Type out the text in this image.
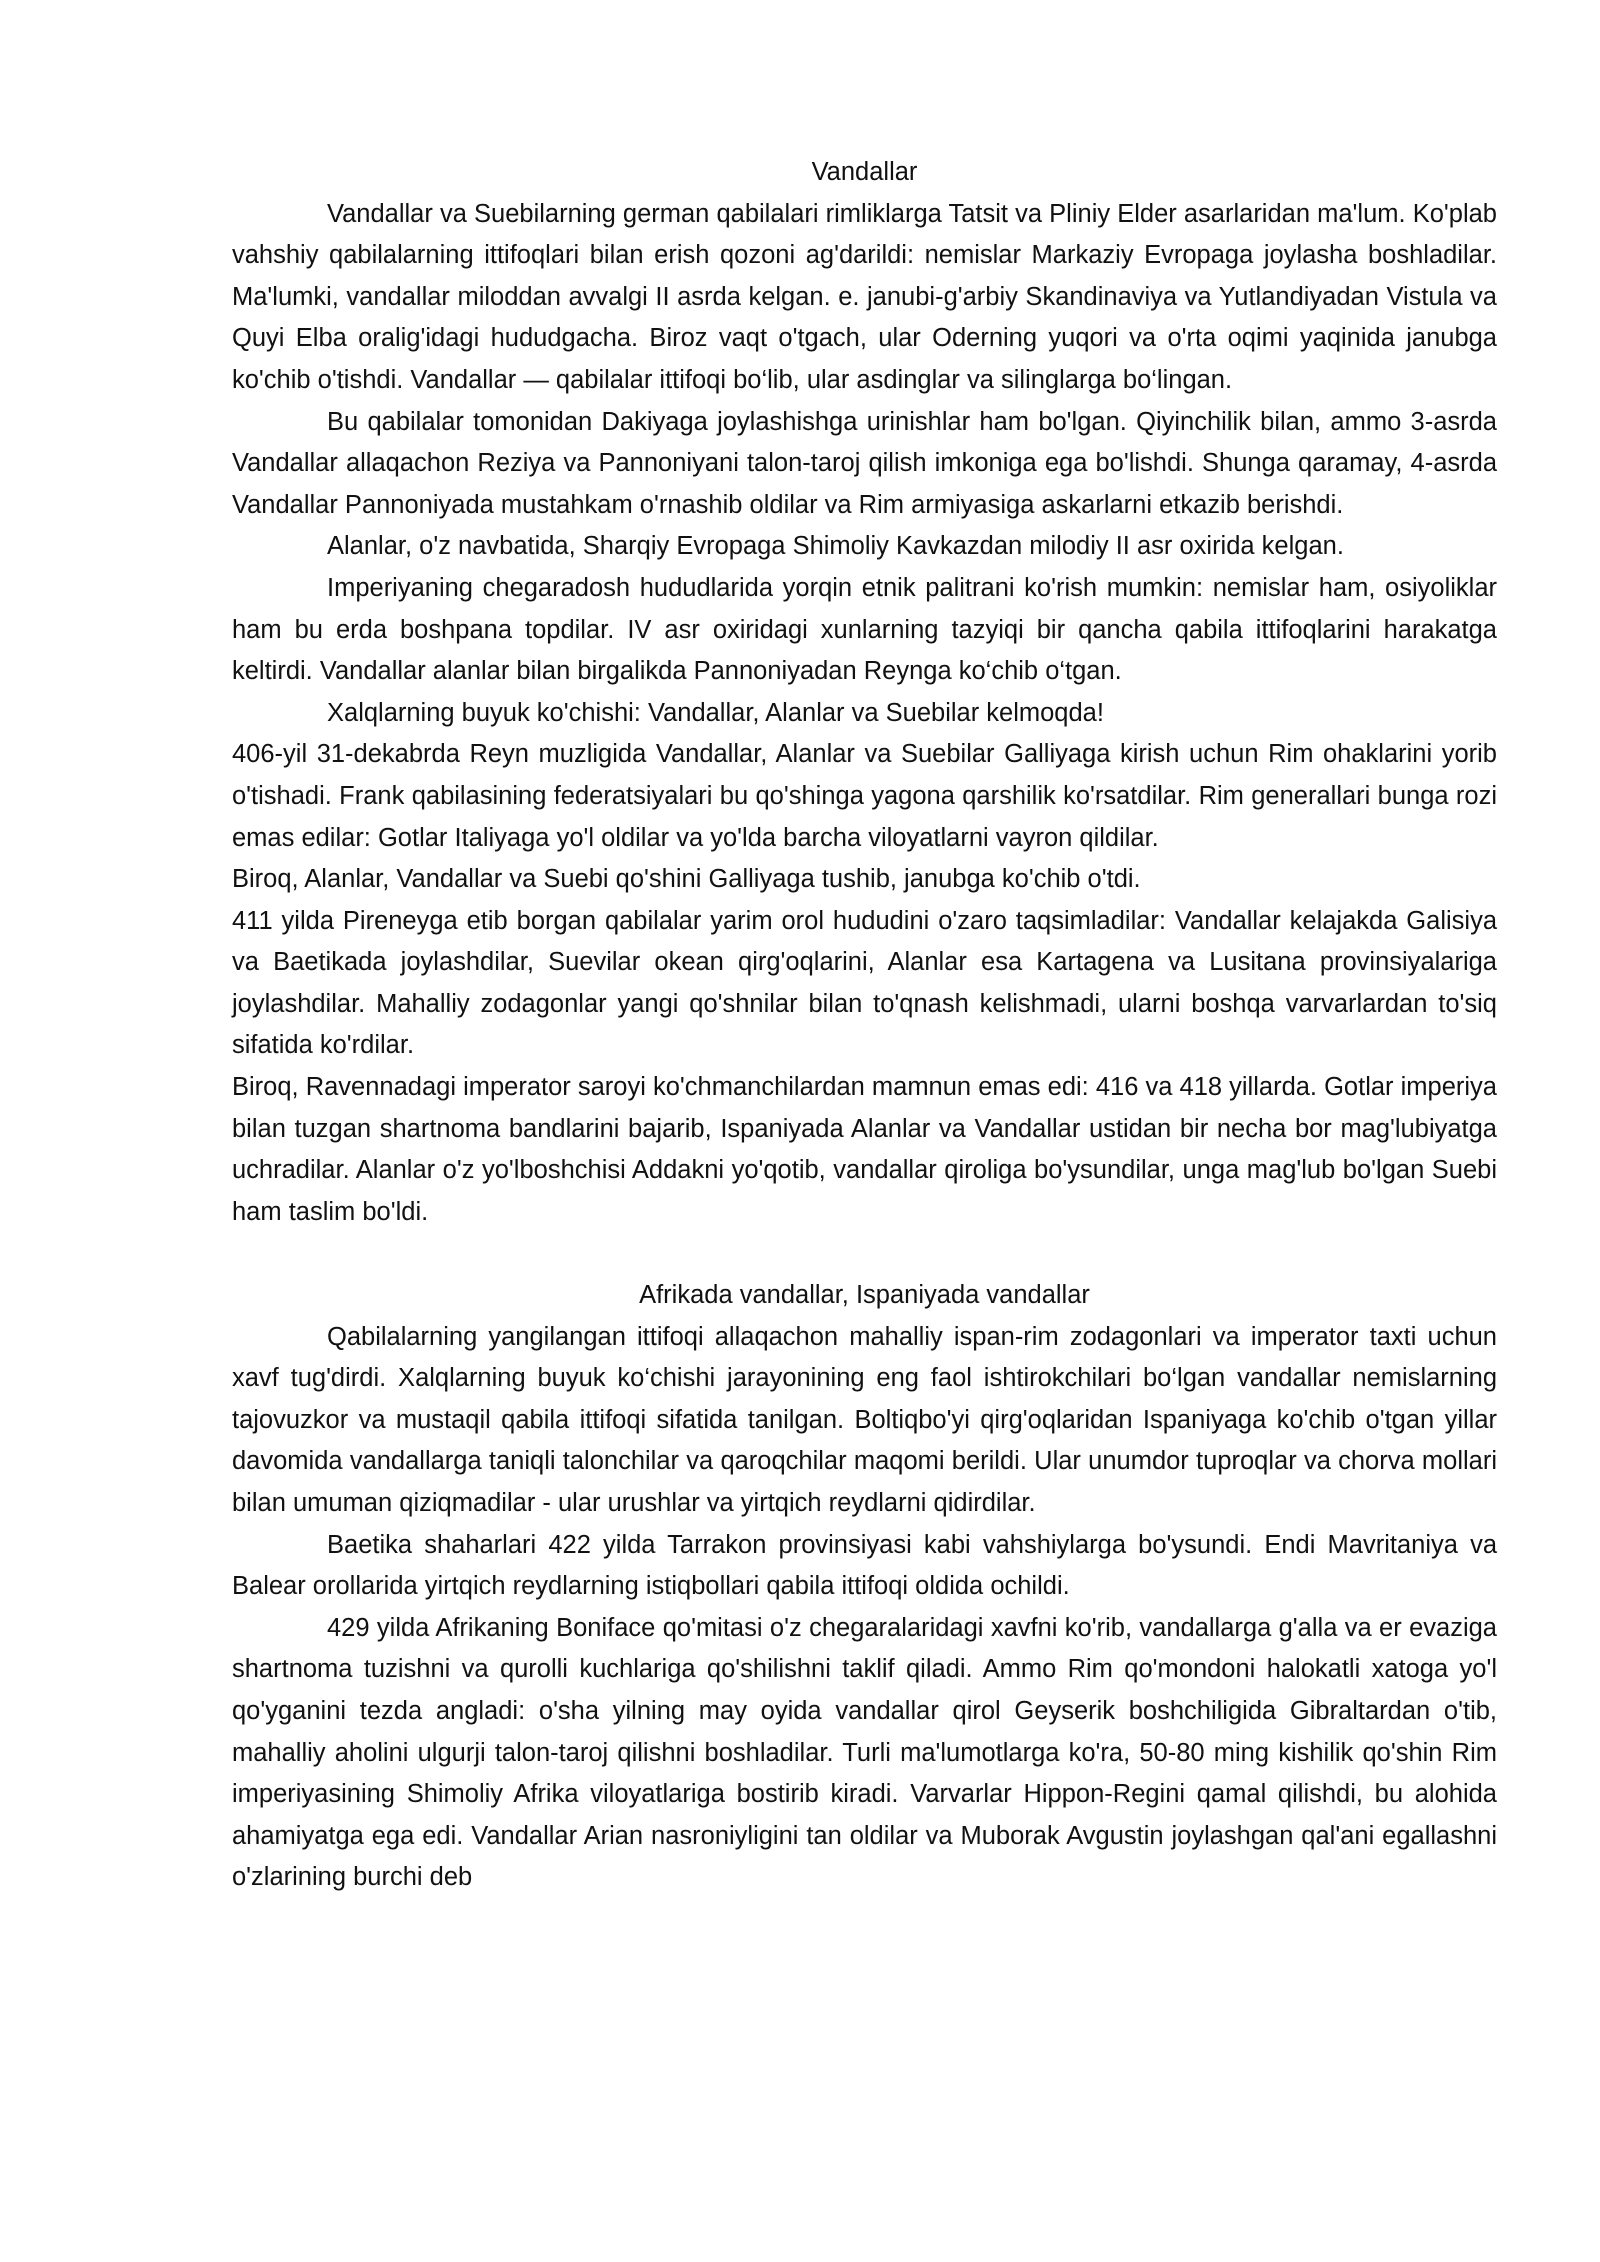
Vandallar

Vandallar va Suebilarning german qabilalari rimliklarga Tatsit va Pliniy Elder asarlaridan ma'lum. Ko'plab vahshiy qabilalarning ittifoqlari bilan erish qozoni ag'darildi: nemislar Markaziy Evropaga joylasha boshladilar. Ma'lumki, vandallar miloddan avvalgi II asrda kelgan. e. janubi-g'arbiy Skandinaviya va Yutlandiyadan Vistula va Quyi Elba oralig'idagi hududgacha. Biroz vaqt o'tgach, ular Oderning yuqori va o'rta oqimi yaqinida janubga ko'chib o'tishdi. Vandallar — qabilalar ittifoqi bo‘lib, ular asdinglar va silinglarga bo‘lingan.

Bu qabilalar tomonidan Dakiyaga joylashishga urinishlar ham bo'lgan. Qiyinchilik bilan, ammo 3-asrda Vandallar allaqachon Reziya va Pannoniyani talon-taroj qilish imkoniga ega bo'lishdi. Shunga qaramay, 4-asrda Vandallar Pannoniyada mustahkam o'rnashib oldilar va Rim armiyasiga askarlarni etkazib berishdi.

Alanlar, o'z navbatida, Sharqiy Evropaga Shimoliy Kavkazdan milodiy II asr oxirida kelgan.

Imperiyaning chegaradosh hududlarida yorqin etnik palitrani ko'rish mumkin: nemislar ham, osiyoliklar ham bu erda boshpana topdilar. IV asr oxiridagi xunlarning tazyiqi bir qancha qabila ittifoqlarini harakatga keltirdi. Vandallar alanlar bilan birgalikda Pannoniyadan Reynga ko‘chib o‘tgan.

Xalqlarning buyuk ko'chishi: Vandallar, Alanlar va Suebilar kelmoqda!

406-yil 31-dekabrda Reyn muzligida Vandallar, Alanlar va Suebilar Galliyaga kirish uchun Rim ohaklarini yorib o'tishadi. Frank qabilasining federatsiyalari bu qo'shinga yagona qarshilik ko'rsatdilar. Rim generallari bunga rozi emas edilar: Gotlar Italiyaga yo'l oldilar va yo'lda barcha viloyatlarni vayron qildilar.

Biroq, Alanlar, Vandallar va Suebi qo'shini Galliyaga tushib, janubga ko'chib o'tdi.

411 yilda Pireneyga etib borgan qabilalar yarim orol hududini o'zaro taqsimladilar: Vandallar kelajakda Galisiya va Baetikada joylashdilar, Suevilar okean qirg'oqlarini, Alanlar esa Kartagena va Lusitana provinsiyalariga joylashdilar. Mahalliy zodagonlar yangi qo'shnilar bilan to'qnash kelishmadi, ularni boshqa varvarlardan to'siq sifatida ko'rdilar.

Biroq, Ravennadagi imperator saroyi ko'chmanchilardan mamnun emas edi: 416 va 418 yillarda. Gotlar imperiya bilan tuzgan shartnoma bandlarini bajarib, Ispaniyada Alanlar va Vandallar ustidan bir necha bor mag'lubiyatga uchradilar. Alanlar o'z yo'lboshchisi Addakni yo'qotib, vandallar qiroliga bo'ysundilar, unga mag'lub bo'lgan Suebi ham taslim bo'ldi.

Afrikada vandallar, Ispaniyada vandallar

Qabilalarning yangilangan ittifoqi allaqachon mahalliy ispan-rim zodagonlari va imperator taxti uchun xavf tug'dirdi. Xalqlarning buyuk ko‘chishi jarayonining eng faol ishtirokchilari bo‘lgan vandallar nemislarning tajovuzkor va mustaqil qabila ittifoqi sifatida tanilgan. Boltiqbo'yi qirg'oqlaridan Ispaniyaga ko'chib o'tgan yillar davomida vandallarga taniqli talonchilar va qaroqchilar maqomi berildi. Ular unumdor tuproqlar va chorva mollari bilan umuman qiziqmadilar - ular urushlar va yirtqich reydlarni qidirdilar.

Baetika shaharlari 422 yilda Tarrakon provinsiyasi kabi vahshiylarga bo'ysundi. Endi Mavritaniya va Balear orollarida yirtqich reydlarning istiqbollari qabila ittifoqi oldida ochildi.

429 yilda Afrikaning Boniface qo'mitasi o'z chegaralaridagi xavfni ko'rib, vandallarga g'alla va er evaziga shartnoma tuzishni va qurolli kuchlariga qo'shilishni taklif qiladi. Ammo Rim qo'mondoni halokatli xatoga yo'l qo'yganini tezda angladi: o'sha yilning may oyida vandallar qirol Geyserik boshchiligida Gibraltardan o'tib, mahalliy aholini ulgurji talon-taroj qilishni boshladilar. Turli ma'lumotlarga ko'ra, 50-80 ming kishilik qo'shin Rim imperiyasining Shimoliy Afrika viloyatlariga bostirib kiradi. Varvarlar Hippon-Regini qamal qilishdi, bu alohida ahamiyatga ega edi. Vandallar Arian nasroniyligini tan oldilar va Muborak Avgustin joylashgan qal'ani egallashni o'zlarining burchi deb
